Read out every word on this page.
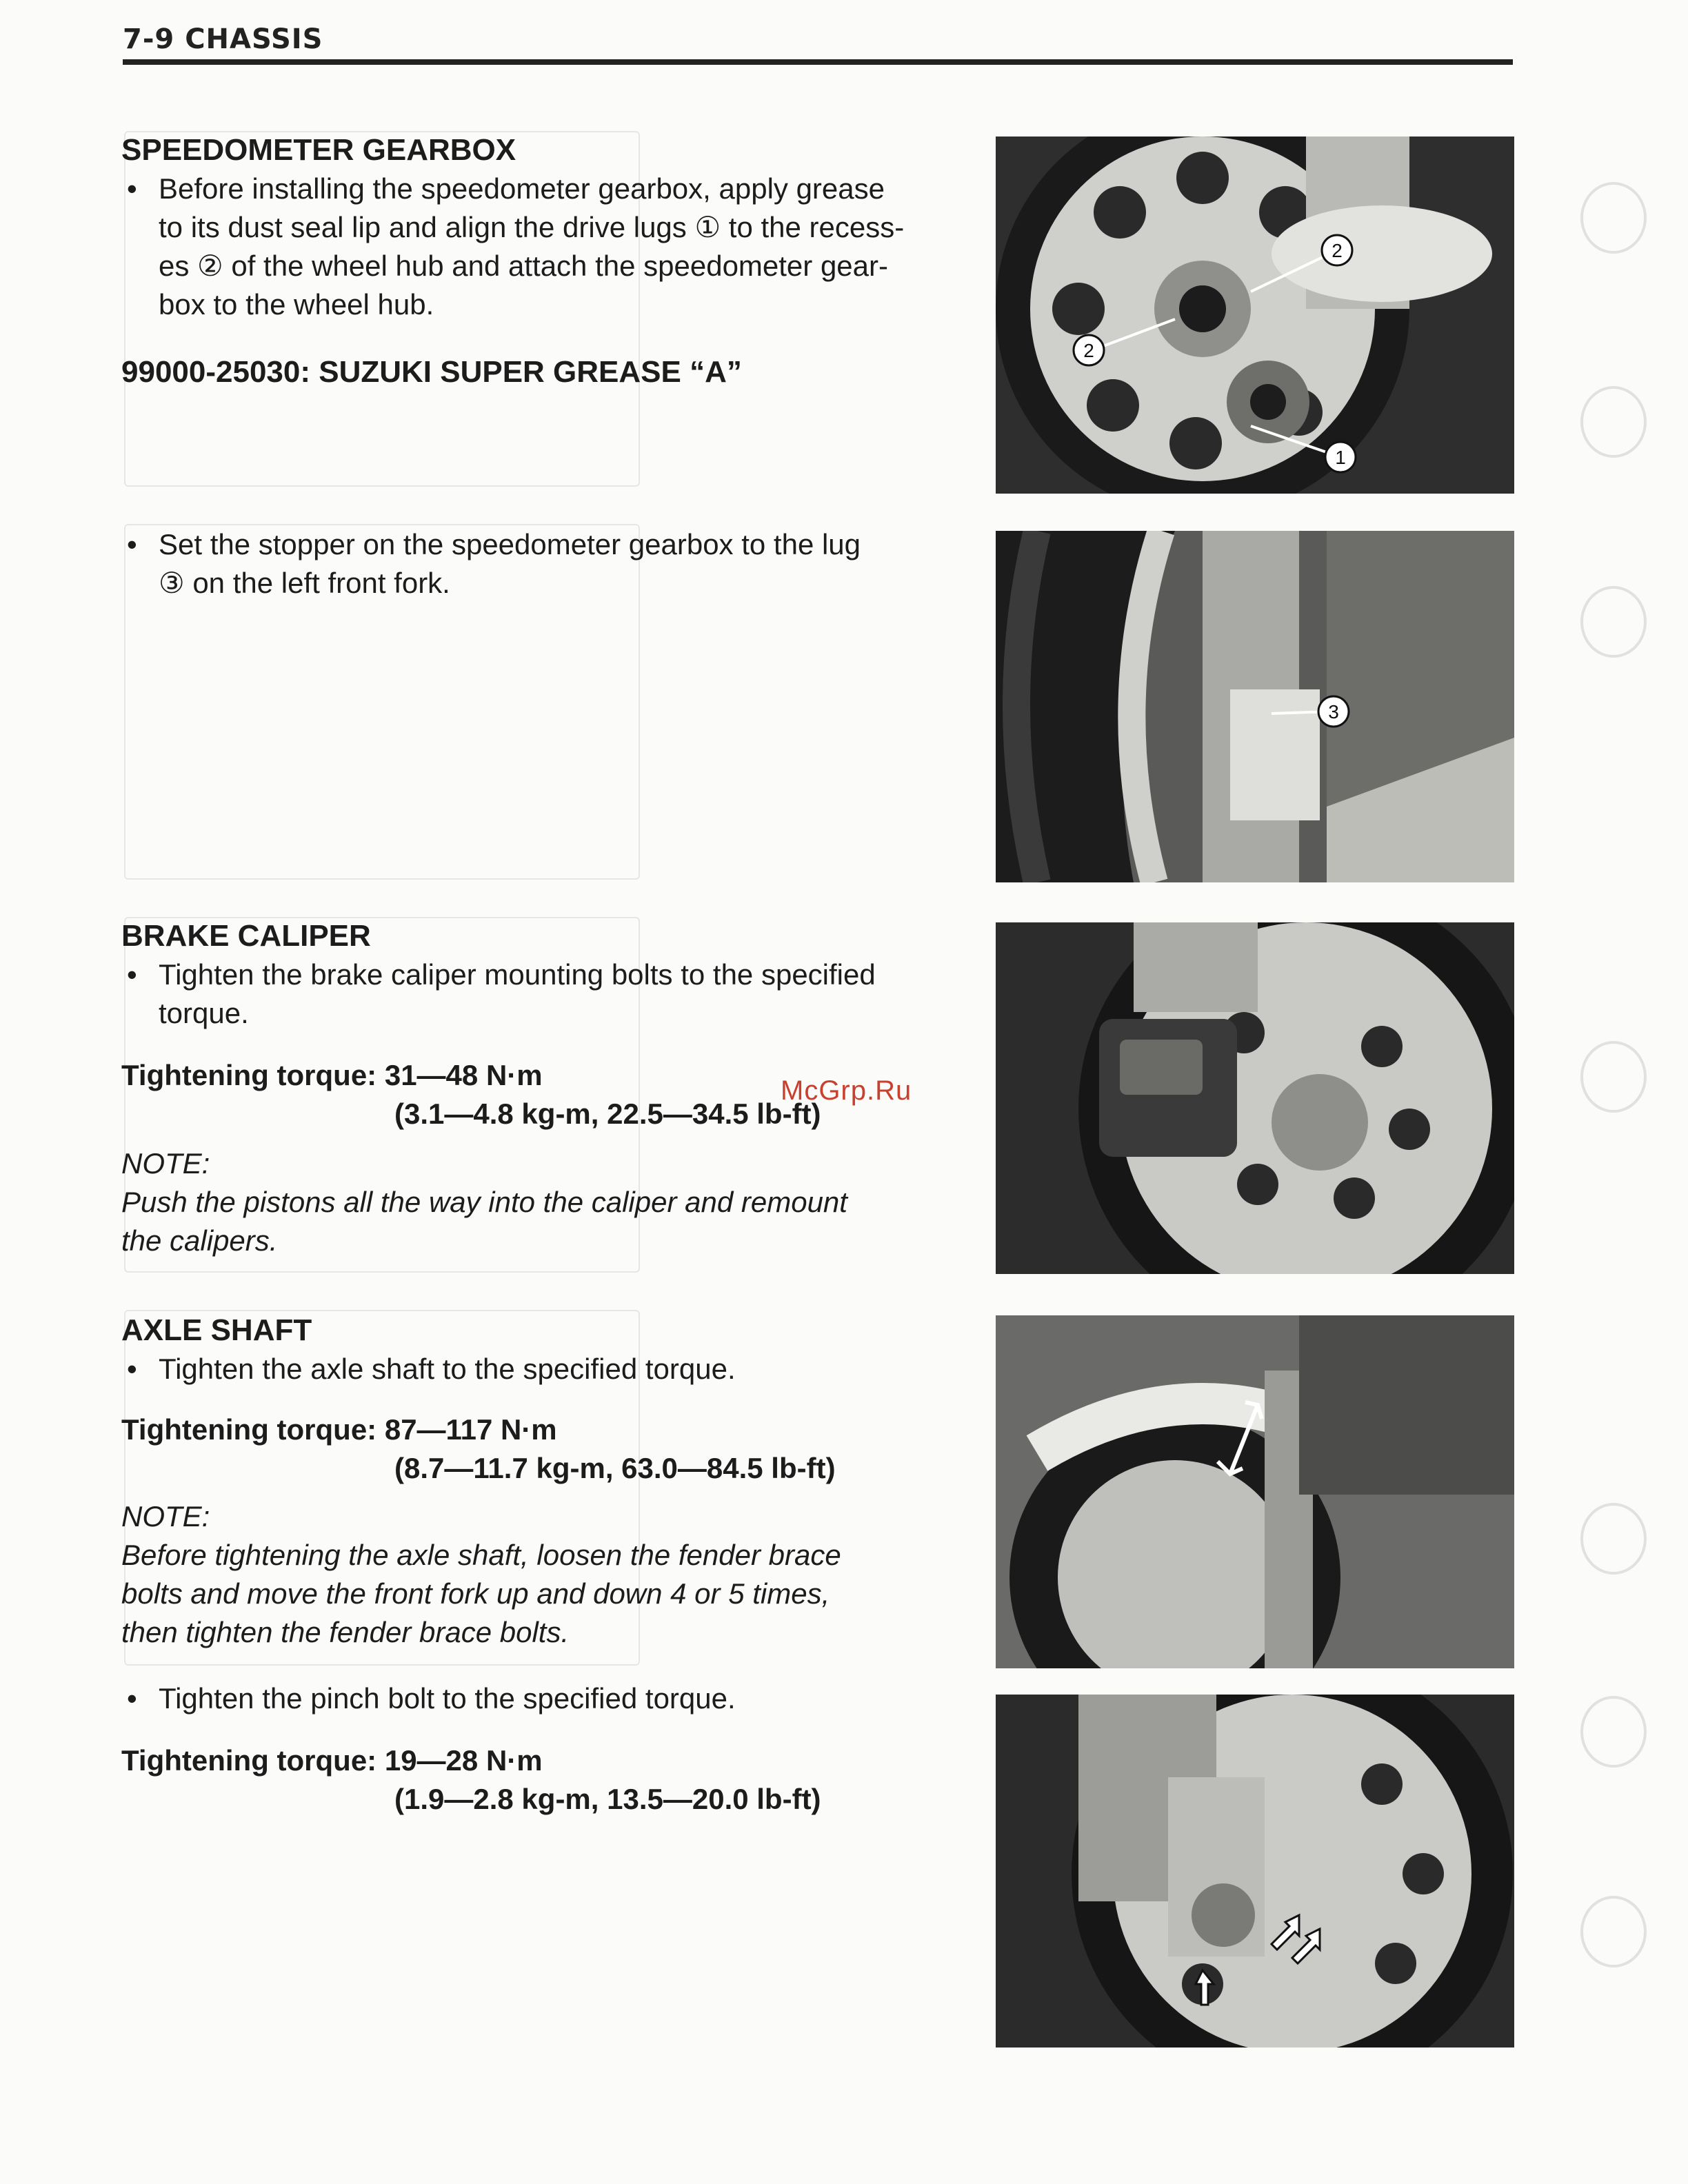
7-9 CHASSIS

SPEEDOMETER GEARBOX

• Before installing the speedometer gearbox, apply grease
to its dust seal lip and align the drive lugs ① to the recess-
es ② of the wheel hub and attach the speedometer gear-
box to the wheel hub.
99000-25030: SUZUKI SUPER GREASE “A”
• Set the stopper on the speedometer gearbox to the lug
③ on the left front fork.

BRAKE CALIPER

• Tighten the brake caliper mounting bolts to the specified
torque.
Tightening torque: 31—48 N·m
(3.1—4.8 kg-m, 22.5—34.5 lb-ft)
NOTE:
Push the pistons all the way into the caliper and remount
the calipers.

AXLE SHAFT

• Tighten the axle shaft to the specified torque.
Tightening torque: 87—117 N·m
(8.7—11.7 kg-m, 63.0—84.5 lb-ft)
NOTE:
Before tightening the axle shaft, loosen the fender brace
bolts and move the front fork up and down 4 or 5 times,
then tighten the fender brace bolts.
• Tighten the pinch bolt to the specified torque.
Tightening torque: 19—28 N·m
(1.9—2.8 kg-m, 13.5—20.0 lb-ft)
McGrp.Ru
2
2
1
3
